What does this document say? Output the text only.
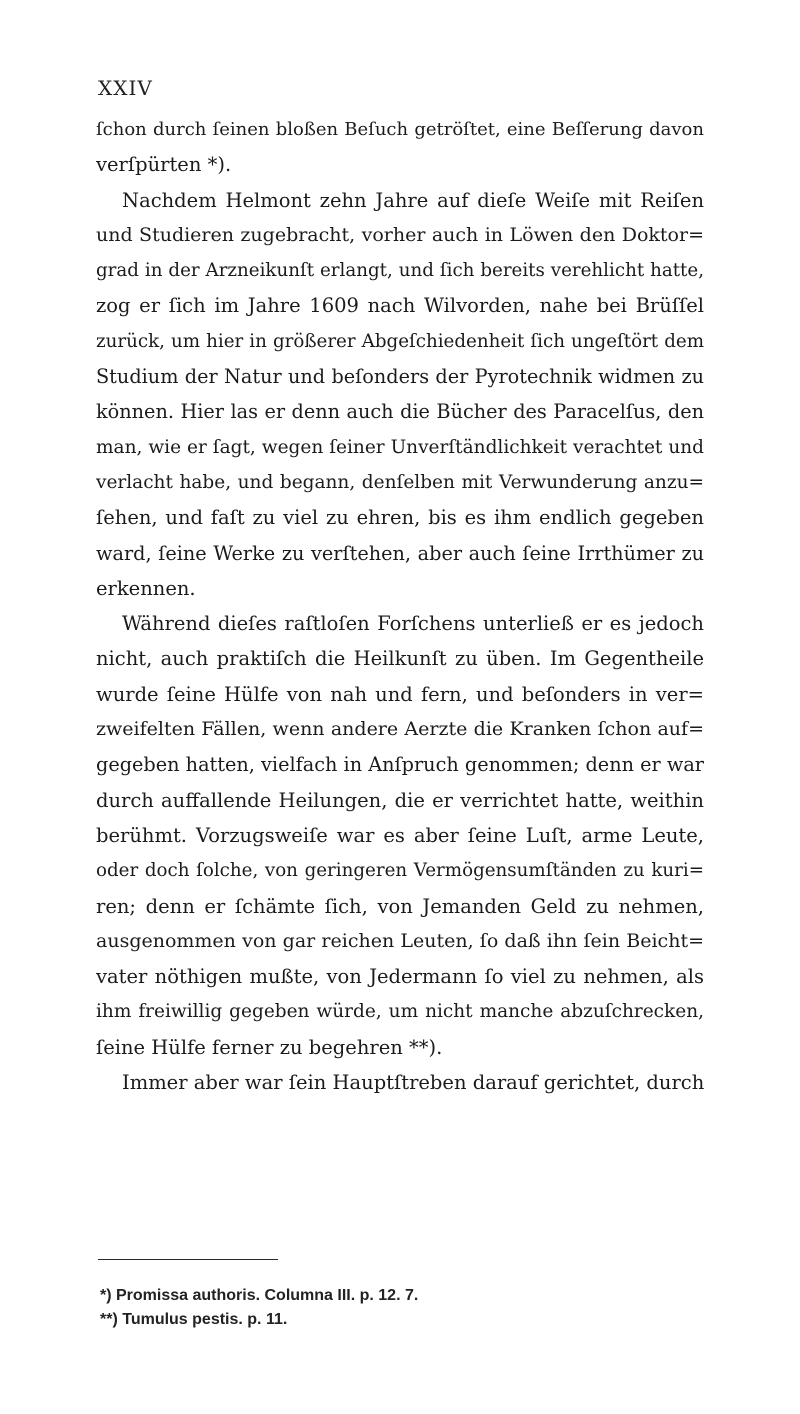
XXIV
ſchon durch ſeinen bloßen Beſuch getröſtet, eine Beſſerung davon
verſpürten *).
Nachdem Helmont zehn Jahre auf dieſe Weiſe mit Reiſen
und Studieren zugebracht, vorher auch in Löwen den Doktor=
grad in der Arzneikunſt erlangt, und ſich bereits verehlicht hatte,
zog er ſich im Jahre 1609 nach Wilvorden, nahe bei Brüſſel
zurück, um hier in größerer Abgeſchiedenheit ſich ungeſtört dem
Studium der Natur und beſonders der Pyrotechnik widmen zu
können. Hier las er denn auch die Bücher des Paracelſus, den
man, wie er ſagt, wegen ſeiner Unverſtändlichkeit verachtet und
verlacht habe, und begann, denſelben mit Verwunderung anzu=
ſehen, und faſt zu viel zu ehren, bis es ihm endlich gegeben
ward, ſeine Werke zu verſtehen, aber auch ſeine Irrthümer zu
erkennen.
Während dieſes raſtloſen Forſchens unterließ er es jedoch
nicht, auch praktiſch die Heilkunſt zu üben. Im Gegentheile
wurde ſeine Hülfe von nah und fern, und beſonders in ver=
zweifelten Fällen, wenn andere Aerzte die Kranken ſchon auf=
gegeben hatten, vielfach in Anſpruch genommen; denn er war
durch auffallende Heilungen, die er verrichtet hatte, weithin
berühmt. Vorzugsweiſe war es aber ſeine Luſt, arme Leute,
oder doch ſolche, von geringeren Vermögensumſtänden zu kuri=
ren; denn er ſchämte ſich, von Jemanden Geld zu nehmen,
ausgenommen von gar reichen Leuten, ſo daß ihn ſein Beicht=
vater nöthigen mußte, von Jedermann ſo viel zu nehmen, als
ihm freiwillig gegeben würde, um nicht manche abzuſchrecken,
ſeine Hülfe ferner zu begehren **).
Immer aber war ſein Hauptſtreben darauf gerichtet, durch
*) Promissa authoris. Columna III. p. 12. 7.
**) Tumulus pestis. p. 11.
